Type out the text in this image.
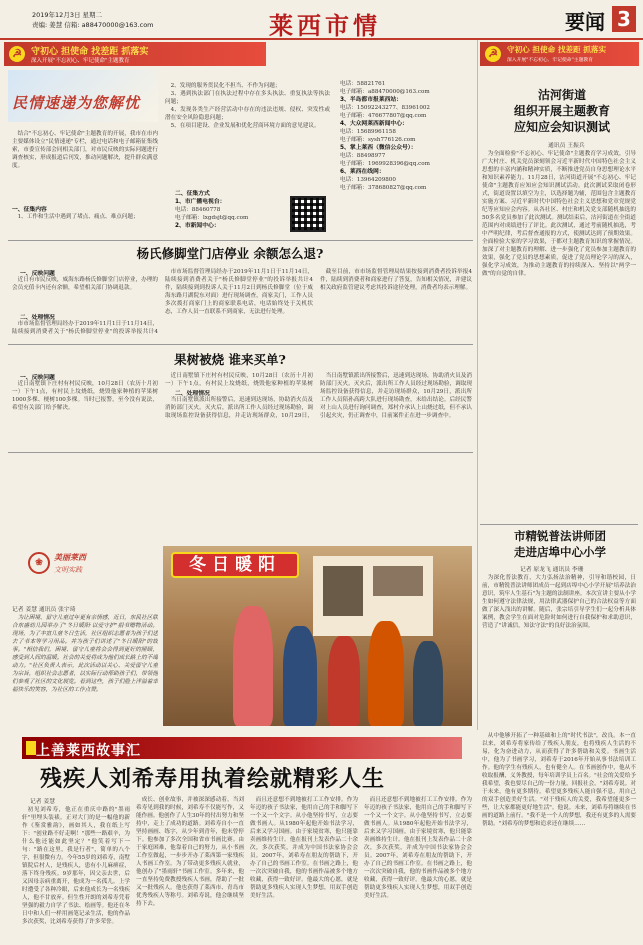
2019年12月3日 星期二
责编: 姜慧 信箱: a88470000@163.com	莱西市情	要闻 3
☭	守初心 担使命 找差距 抓落实
深入开展"不忘初心、牢记使命"主题教育
☭	守初心 担使命 找差距 抓落实
深入开展"不忘初心、牢记使命"主题教育
民情速递为您解忧

结合"不忘初心、牢记使命"主题教育的开展，我市在市内主要媒体设立"民情速递"专栏，通过电话和电子邮箱征集线索，市委宣传部会同相关部门，对市民反映的实际问题进行调查核实，形成报道后刊发，推动问题解决，提升群众满意度。

一、征集内容

1、工作和生活中遇到了堵点、痛点、难点问题；

2、发现的服务贯民化不担当、不作为问题；

3、遇到执法部门在执法过程中存在多头执法、重复执法等执法问题；

4、发现各类生产经营活动中存在的违法违规、侵权、突发性或潜在安全风险隐患问题；

5、在项目建设、企业发展和优化营商环境方面的意见建议。

二、征集方式
1、市广播电视台：
电话：88460778
电子邮箱：lxgdsjt@qq.com
2、市新闻中心：
电话：58821761
电子邮箱：a88470000@163.com
3、半岛都市报莱西站：
电话：15092243277、83961002
电子邮箱：476677807@qq.com
4、大众网莱西新闻中心：
电话：15689961158
电子邮箱：sysh776126.com
5、掌上莱西（微信公众号）：
电话：88498977
电子邮箱：1969928396@qq.com
6、莱西在线网：
电话：13964209800
电子邮箱：378680827@qq.com
杨氏修脚堂门店停业 余额怎么退?
一、反映问题

近日有市民反映，威海东路杨氏修脚堂门店停业，办理的会员充值卡内还有余额，希望相关部门协调退款。

二、处理情况

市市场监督管理局经办于2019年11月1日于11月14日，陆续接到消费者关于"杨氏修脚堂停业"的投诉举报共计4

市市场监督管理局经办于2019年11月1日于11月14日，陆续接到消费者关于"杨氏修脚堂停业"的投诉举报共计4件，陆续接到到投诉人关于11月2日到杨氏修脚堂（位于威海东路月湖院东对面）进行现场调查，商家关门，工作人员多次拨打商家门上的商家联系电话，电话始终处于关机状态，工作人员一直联系不到商家，无法进行处理。

截至目前，市市场监督管理局结果按接到消费者投诉举报4件，陆续到消费者和商家进行了答复，告知相关情况，并建议相关政府监管建议考虑其投诉途径处理，消费者均表示理解。

果树被烧 谁来买单?
一、反映问题

近日南墅镇下庄村有村民反映，10月28日（农历十月初一）下午1点，有村民上坟烧纸，烧毁他家种植的苹果树1000多棵、梗树100多棵。当时已报警，至今没有说法，希望有关部门给予解决。

近日南墅镇下庄村有村民反映，10月28日（农历十月初一）下午1点，有村民上坟烧纸，烧毁他家种植的苹果树

二、处理情况

当日南墅镇派出所接警后，迅速到达现场，协助消火员及消防部门灭火。灭火后，派出所工作人员经过现场勘验，调取现场监控设备获得信息，并走访现场群众，10月29日，

当日南墅镇派出所接警后，迅速到达现场，协助消火员及消防部门灭火。灭火后，派出所工作人员经过现场勘验，调取现场监控设备获得信息，并走访现场群众，10月29日，派出所工作人员陪孙高跨大队进行现场勘查，未给出结论。后经民警对上山人员进行询问调查，郑村介承认上山烧过纸，但不承认引起火灾，仍正调查中，目前案件正在进一步调查中。

沽河街道
组织开展主题教育
应知应会知识测试
通讯员 王振兵

为全面检验"不忘初心、牢记使命"主题教育学习成效，引导广大村庄、机关党员深刻领会习近平新时代中国特色社会主义思想的丰富内涵和精神实质，不断推进党员自身思想理论水平和知识素养能力。11月28日，沽河街道开展"不忘初心、牢记使命"主题教育应知应会知识测试活动。此次测试采取闭卷形式，街道设置以填空为主，以选择题为辅，范围包含主题教育实施方案、习近平新时代中国特色社会主义思想和党章党规党纪等应知应会内容。从各社区、村庄和机关党支部随机抽选的50多名党员参加了此次测试。测试结束后，沽河街道在全街道范围内对成绩进行了评比。此次测试，通过考前随机抽选，考中严明纪律，考后督查通报的方式，使测试达到了预期效果。全面检验大家的学习效果，于都对主题教育知识的掌握情况。加深了对主题教育的理解、进一步强化了党员参加主题教育的效果，强化了党员的思想素质，促进了党员理论学习的深入，强化学习成效，为推动主题教育的持续深入、坚持以"两学一做"的自觉的自律。

市精锐普法讲师团
走进店埠中心小学
记者 原龙飞 通讯员 李珊

为深化普法教育，大力弘扬法治精神，引导和谐校园，日前，市精锐普法讲师团成员一起到店埠中心小学开展"培养法治意识，筑牢人生基石"为主题的法制讲座。本次宣讲主要从小学生如何遵守法律法规，用法律武器保护自己的合法权益等方面做了深入浅出的讲解。随后，张宗培引导学生们一起分析具体案例，教会学生在面对危险时如何进行自我保护和求助意识，营造了"讲诚信，知法守法"的良好法治氛围。

❀
美丽莱西
文明实践
记者 姜慧 通讯员 张宇琦

为让困境、留守儿童过年更有亲情感，近日，东民社区联合东盛幼儿园举办了"冬日暖阳·以爱守护"捐书赠物活动。现场，为了丰富儿童冬日生活，社区组织志愿者为孩子们送去了书本等学习用品。并为孩子们讲述了"冬日暖阳"的故事。"相信我们，困境、留守儿童将会会得到更好的照顾，感受到人间的温暖。社会的关爱将成为他们成长路上的不竭动力。"社区负责人表示，此次活动以关心、关爱留守儿童为宗旨，组织社会志愿者，以实际行动帮助孩子们，带领他们参观了社区的文化展览。看到这些，孩子们脸上洋溢着幸福快乐的笑容，为社区的工作点赞。

冬日暖阳
上善莱西故事汇
残疾人刘希寿用执着绘就精彩人生
记者 姜慧

初见刘希寿，他正在重庆中路的"墨雨轩"里埋头装裱。正对大门的是一幅他的新作《鉴赏雅韵》，画如其人，我在纸上写下："创业路不好走啊！"那些一路艰辛，为什么他还能如此坚定？"他笑着写下一句："路在这里，我是行者"，简单的八个字，但很微有力。今年55岁的刘希寿，南墅镇院后村人，是残疾人，患有小儿麻痹症，落下终身残疾。9岁那年，因父亲去世，后又因母亲病重离开，他成为一名孤儿。上学时遭受了各种冷眼，后来他成长为一名残疾人，他不甘放弃。但生性开朗的刘希寿凭着坚强的毅力自学了书法、绘画等。他还在冬日中和人们一样用画笔记录生活，他的作品多次获奖，比刘希寿获得了许多荣誉。

成长、创业故事，并被深深感动着。当刘希寿见到我的时候，刘希寿不仅能写作，又能作画。他创作了人生30年的付出努力和坚持中，走上了成功的道路。刘希寿自小一直坚持画画、练字，从少年到青年，他未曾停下。他参加了多次全国和省市书画比赛。由于家庭困难，他靠着自己的努力，从小书画工作室做起，一步步开办了莱西第一家残疾人书画工作室。为了带动更多残疾人就业，他创办了"墨雨轩"书画工作室。多年来，他一直坚持免费教授残疾人书画，帮助了一批又一批残疾人。他也获得了莱西市、青岛市优秀残疾人等称号。刘希寿说，他会继续坚持下去。

而且还意想不到地被打工工作安排。作为年迈的孩子书法家，他用自己的手和脚写下一个又一个文字。从小他坚持书写，立志要做书画人。从1980年起他开始书法学习，后来又学习国画。由于家境贫寒，他只能靠卖画维持生计。他在报刊上发表作品二十余次，多次获奖，并成为中国书法家协会会员。2007年，刘希寿在朋友的帮助下，开办了自己的书画工作室。在书画之路上，他一次次突破自我，他的书画作品被多个地方收藏，获得一致好评。他最大的心愿，就是帮助更多残疾人实现人生梦想，用双手创造美好生活。

而且还意想不到地被打工工作安排。作为年迈的孩子书法家，他用自己的手和脚写下一个又一个文字。从小他坚持书写，立志要做书画人。从1980年起他开始书法学习，后来又学习国画。由于家境贫寒，他只能靠卖画维持生计。他在报刊上发表作品二十余次，多次获奖，并成为中国书法家协会会员。2007年，刘希寿在朋友的帮助下，开办了自己的书画工作室。在书画之路上，他一次次突破自我，他的书画作品被多个地方收藏，获得一致好评。他最大的心愿，就是帮助更多残疾人实现人生梦想，用双手创造美好生活。

从中他够开拓了一种基础和上的"时代书法"，改良。本一直以来，刘希寿将家传给了残疾人朋友，也将残疾人生活的不易，化为奋进动力，从而获得了许多帮助和关爱。书画生活中，他为了书画学习，刘希寿于2016年开始从事书法培训工作。他的学生有残疾人，也有健全人。在书画创作中，他从不收取报酬，义务教授，每年培训学员上百名。"社会的关爱给予我希望，我也要尽自己的一份力量，回报社会。"刘希寿说。对于未来，他有更多期待，希望更多残疾人能自强不息，用自己的双手创造美好生活。"对于残疾人的关爱，我希望能更多一些，让大家都能更好地生活"。他说。未来，刘希寿将继续在书画的道路上前行。"我不是一个人的梦想，我还有更多的人需要帮助。"刘希寿的梦想和追求还在继续……
